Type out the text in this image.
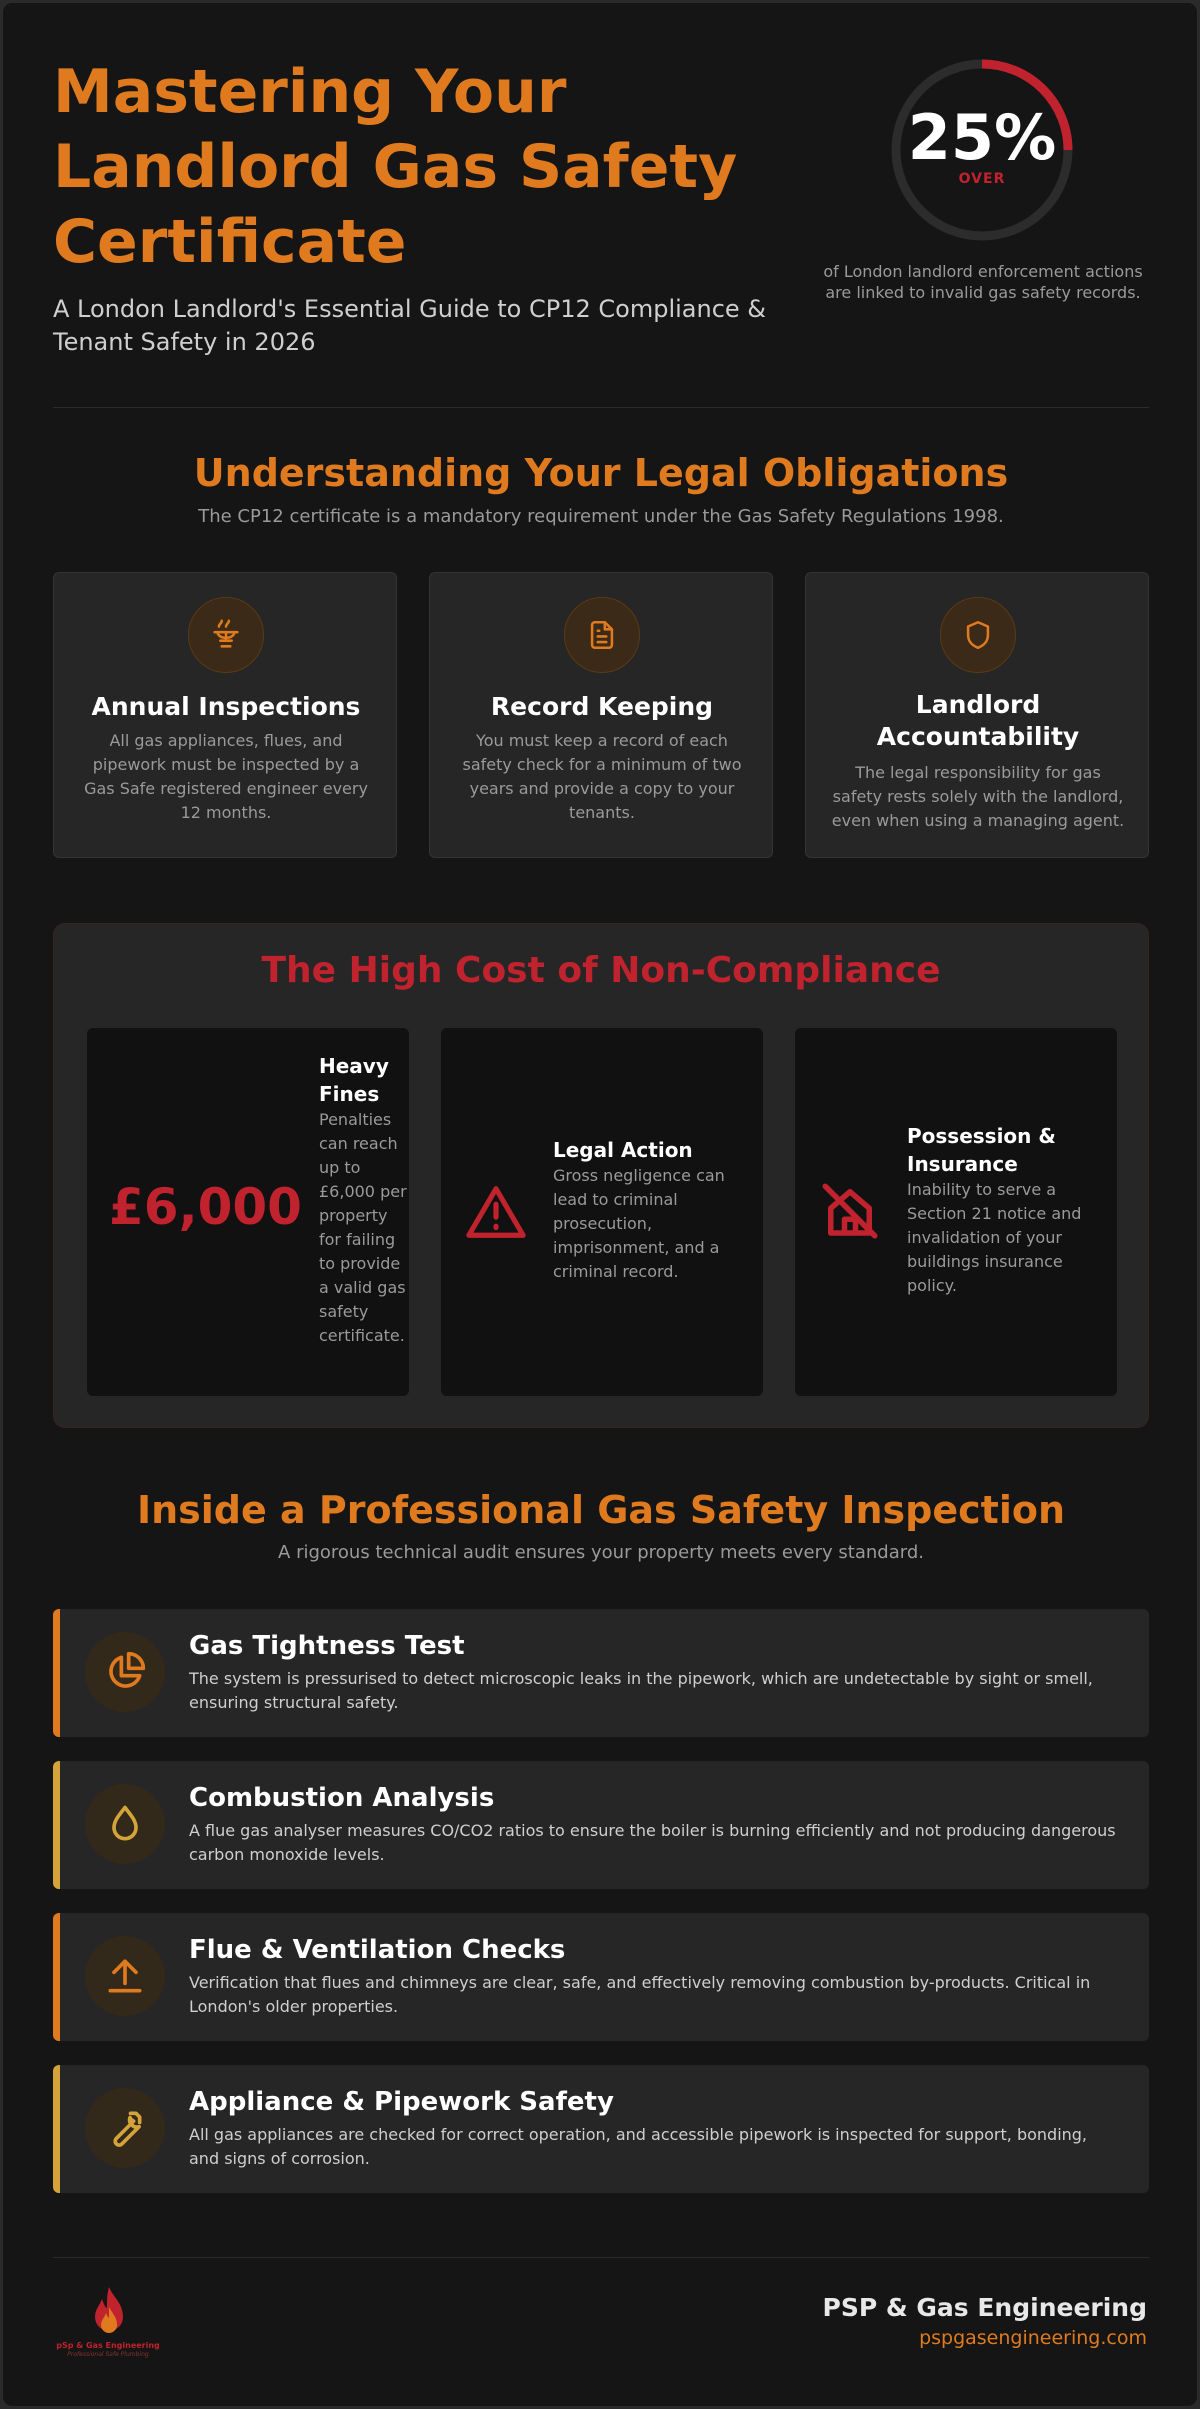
Mastering Your Landlord Gas Safety Certificate

A London Landlord's Essential Guide to CP12 Compliance & Tenant Safety in 2026

25%
OVER
of London landlord enforcement actions are linked to invalid gas safety records.
Understanding Your Legal Obligations

The CP12 certificate is a mandatory requirement under the Gas Safety Regulations 1998.

Annual Inspections
All gas appliances, flues, and pipework must be inspected by a Gas Safe registered engineer every 12 months.
Record Keeping
You must keep a record of each safety check for a minimum of two years and provide a copy to your tenants.
Landlord Accountability
The legal responsibility for gas safety rests solely with the landlord, even when using a managing agent.
The High Cost of Non-Compliance
£6,000
Heavy Fines
Penalties can reach up to £6,000 per property for failing to provide a valid gas safety certificate.
Legal Action
Gross negligence can lead to criminal prosecution, imprisonment, and a criminal record.
Possession & Insurance
Inability to serve a Section 21 notice and invalidation of your buildings insurance policy.
Inside a Professional Gas Safety Inspection

A rigorous technical audit ensures your property meets every standard.

Gas Tightness Test
The system is pressurised to detect microscopic leaks in the pipework, which are undetectable by sight or smell, ensuring structural safety.
Combustion Analysis
A flue gas analyser measures CO/CO2 ratios to ensure the boiler is burning efficiently and not producing dangerous carbon monoxide levels.
Flue & Ventilation Checks
Verification that flues and chimneys are clear, safe, and effectively removing combustion by-products. Critical in London's older properties.
Appliance & Pipework Safety
All gas appliances are checked for correct operation, and accessible pipework is inspected for support, bonding, and signs of corrosion.
pSp & Gas Engineering
Professional Safe Plumbing
PSP & Gas Engineering
pspgasengineering.com
